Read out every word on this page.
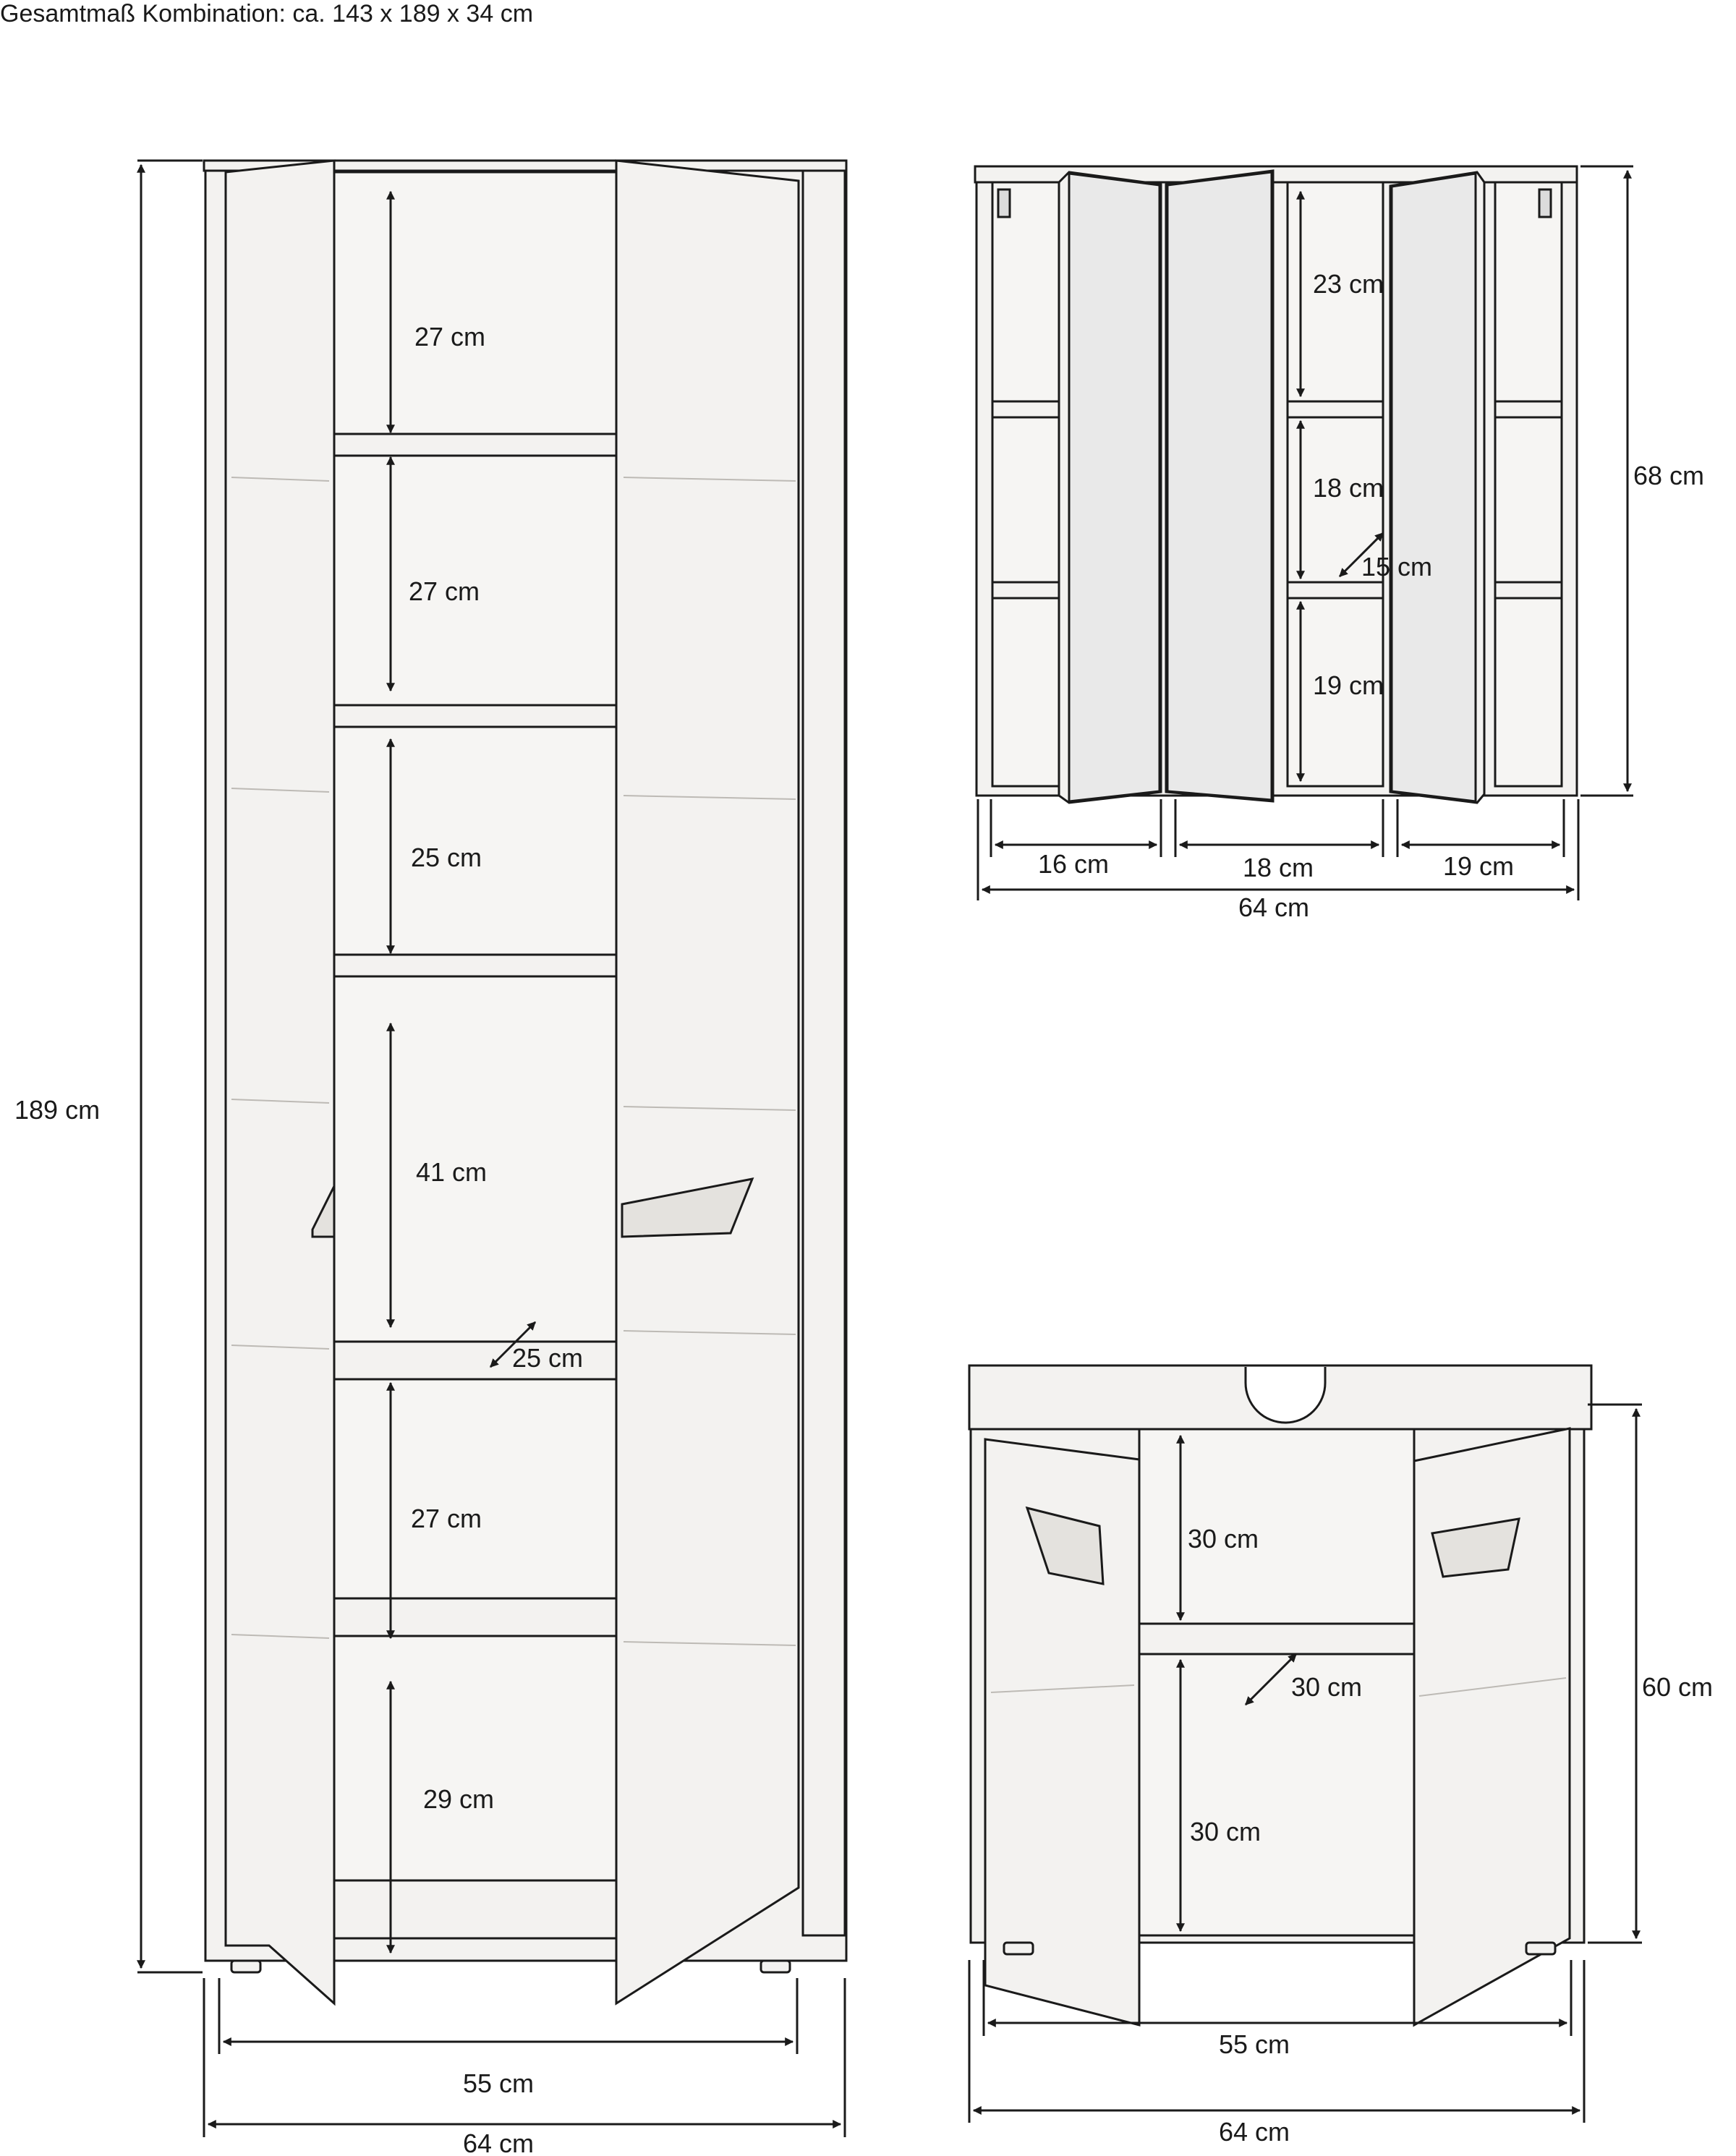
Gesamtmaß Kombination: ca. 143 x 189 x 34 cm
189 cm
55 cm
64 cm
27 cm
27 cm
25 cm
41 cm
27 cm
29 cm
25 cm
68 cm
23 cm
18 cm
19 cm
15 cm
16 cm	18 cm	19 cm
64 cm
60 cm
30 cm
30 cm
30 cm
55 cm
64 cm
